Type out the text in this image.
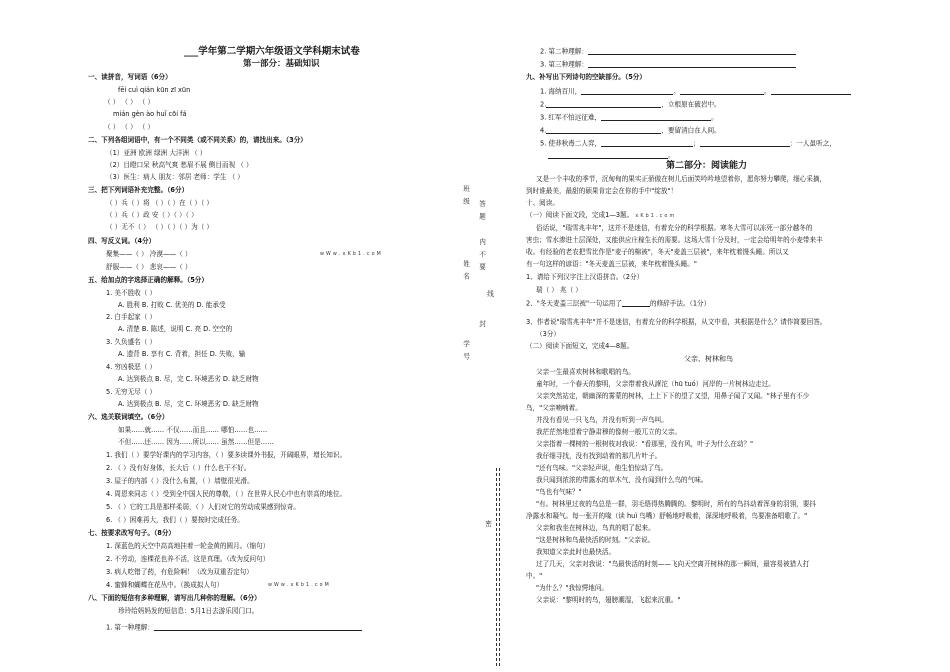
___学年第二学期六年级语文学科期末试卷
第一部分：基础知识
一、读拼音，写词语（6分）
fēi cuì qián kūn zī xūn
（ ） （ ） （ ）
mián gèn ào huǐ cōi fá
（ ） （ ） （ ）
二、下列各组词语中，有一个不同类（或不同关系）的，请找出来。（3分）
（1）亚洲 欧洲 绿洲 大洋洲 （ ）
（2）目瞪口呆 秋高气爽 愁眉不展 侧目而视 （ ）
（3）医生：病人 朋友：邻居 老师：学生 （ ）
三、把下列词语补充完整。（6分）
（ ）兵（ ）将 （ ）（ ）在（ ）（ ）
（ ）兵（ ）政 安（ ）（ ）（ ）
（ ）无不（ ） （ ）（ ）（ ）为（ ）
四、写反义词。（4分）
聚集——（ ） 冷漠——（ ）	w W w . x K b 1 . c o M
舒服——（ ） 悲哀——（ ）
五、给加点的字选择正确的解释。（5分）
1. 美不胜收（ ）
A. 胜利 B. 打败 C. 优美的 D. 能承受
2. 白手起家（ ）
A. 清楚 B. 陈述，说明 C. 亮 D. 空空的
3. 久负盛名（ ）
A. 遗背 B. 享有 C. 背着，担任 D. 失败，输
4. 穷凶极恶（ ）
A. 达到极点 B. 尽，完 C. 环境恶劣 D. 缺乏财物
5. 无穷无尽（ ）
A. 达到极点 B. 尽，完 C. 环境恶劣 D. 缺乏财物
六、选关联词填空。（6分）
如果……就…… 不仅……而且…… 哪怕……也……
不但……还…… 因为……所以…… 虽然……但是……
1. 我们（ ）要学好课内的学习内容，（ ）要多读课外书报，开阔眼界，增长知识。
2. （ ）没有好身体，长大后（ ）什么也干不好。
3. 屋子的内部（ ）没什么布置，（ ）墙壁很光滑。
4. 周恩来同志（ ）受到全中国人民的尊敬，（ ）在世界人民心中也有崇高的地位。
5. （ ）它的工具是那样柔弱，（ ）人们对它的劳动成果感到惊奇。
6. （ ）困难再大，我们（ ）要按时完成任务。
七、按要求改写句子。（8分）
1. 深蓝色的天空中高高地挂着一轮金黄的圆月。（缩句）
2. 不劳动，连棵花也养不活，这是真理。（改为反问句）
3. 病人吃错了药，有危险啊！（改为双重否定句）
4. 蜜蜂和蝴蝶在花丛中。（换成拟人句）	w W w . x K b 1 . c o M
八、下面的短信有多种理解，请写出几种你的理解。（6分）
珍玲给妈妈发的短信息：5月1日去游乐园门口。
1. 第一种理解：
班 级
姓 名
学 号
内 不 要
答 题
线
封
密
2. 第二种理解：
3. 第三种理解：
九、补写出下列诗句的空缺部分。（5分）
1. 海纳百川，	。	。
2.	，立根原在破岩中。
3. 红军不怕远征难，	。
4.	，要留清白在人间。
5. 使莽秋毒二人弈，	；	：一人虽听之，
。
第二部分：阅读能力
又是一个丰收的季节，沉甸甸的果实正骄傲在树儿后面笑吟吟地望着你，愿你努力攀爬，细心采摘，
到时谁最美，最甜的硕果肯定会在你的手中"绽放"！
十、阅读。
（一）阅读下面文段，完成1—3题。 x K b 1 . c o m
俗话说，"瑞雪兆丰年"，这并不是迷信，有着充分的科学根据。寒冬大雪可以冻死一部分越冬的
害虫；雪水渗进土层深处，又能供应庄稼生长的需要。这场大雪十分及时，一定会给明年的小麦带来丰
收。有经验的老农把雪比作是"麦子的棉被"，冬天"麦盖三层被"，来年枕着馒头睡。所以又
有一句这样的谚语："冬天麦盖三层被，来年枕着馒头睡。"
1、请给下列汉字注上汉语拼音。（2分）
瑞（ ） 兆（ ）
2、"冬天麦盖三层被"一句运用了	的修辞手法。（1分）
3、作者说"瑞雪兆丰年"并不是迷信，有着充分的科学根据，从文中看，其根据是什么？请作简要回答。
（3分）
（二）阅读下面短文，完成4—8题。
父亲、树林和鸟
父亲一生最喜欢树林和歌唱的鸟。
童年时，一个春天的黎明，父亲带着我从滹沱（hū tuó）河岸的一片树林边走过。
父亲突然站定，朝幽深的雾蒙的树林，上上下下的望了又望，用鼻子闻了又闻。"林子里有不少
鸟，"父亲喃喃着。
并没有看见一只飞鸟，并没有听到一声鸟叫。
我茫茫然地望着宁静肃穆的像树一般兀立的父亲。
父亲指着一棵树的一根树枝对我说："看那里，没有风，叶子为什么在动？"
我仔细寻找，没有找到动着的那几片叶子。
"还有鸟味。"父亲轻声说，他生怕惊动了鸟。
我只闻到浓浓的带露水的草木气，没有闻到什么鸟的气味。
"鸟也有气味？"
"有。树林里过夜的鸟总是一群，羽毛焐得热腾腾的。黎明时，所有的鸟抖动着浑身的羽翎，要抖
净露水和凝气。每一张开的喙（读 huì 鸟嘴）舒畅地呼吸着，深深地呼吸着，鸟要准备唱歌了。"
父亲和我坐在树林边，鸟真的唱了起来。
"这是树林和鸟最快活的时刻。"父亲说。
我知道父亲此时也最快活。
过了几天，父亲对我说："鸟最快活的时刻——飞向天空离开树林的那一瞬间，最容易被猎人打
中。"
"为什么？"我惊愕地问。
父亲说："黎明时的鸟，翅膀潮湿，飞起来沉重。"
